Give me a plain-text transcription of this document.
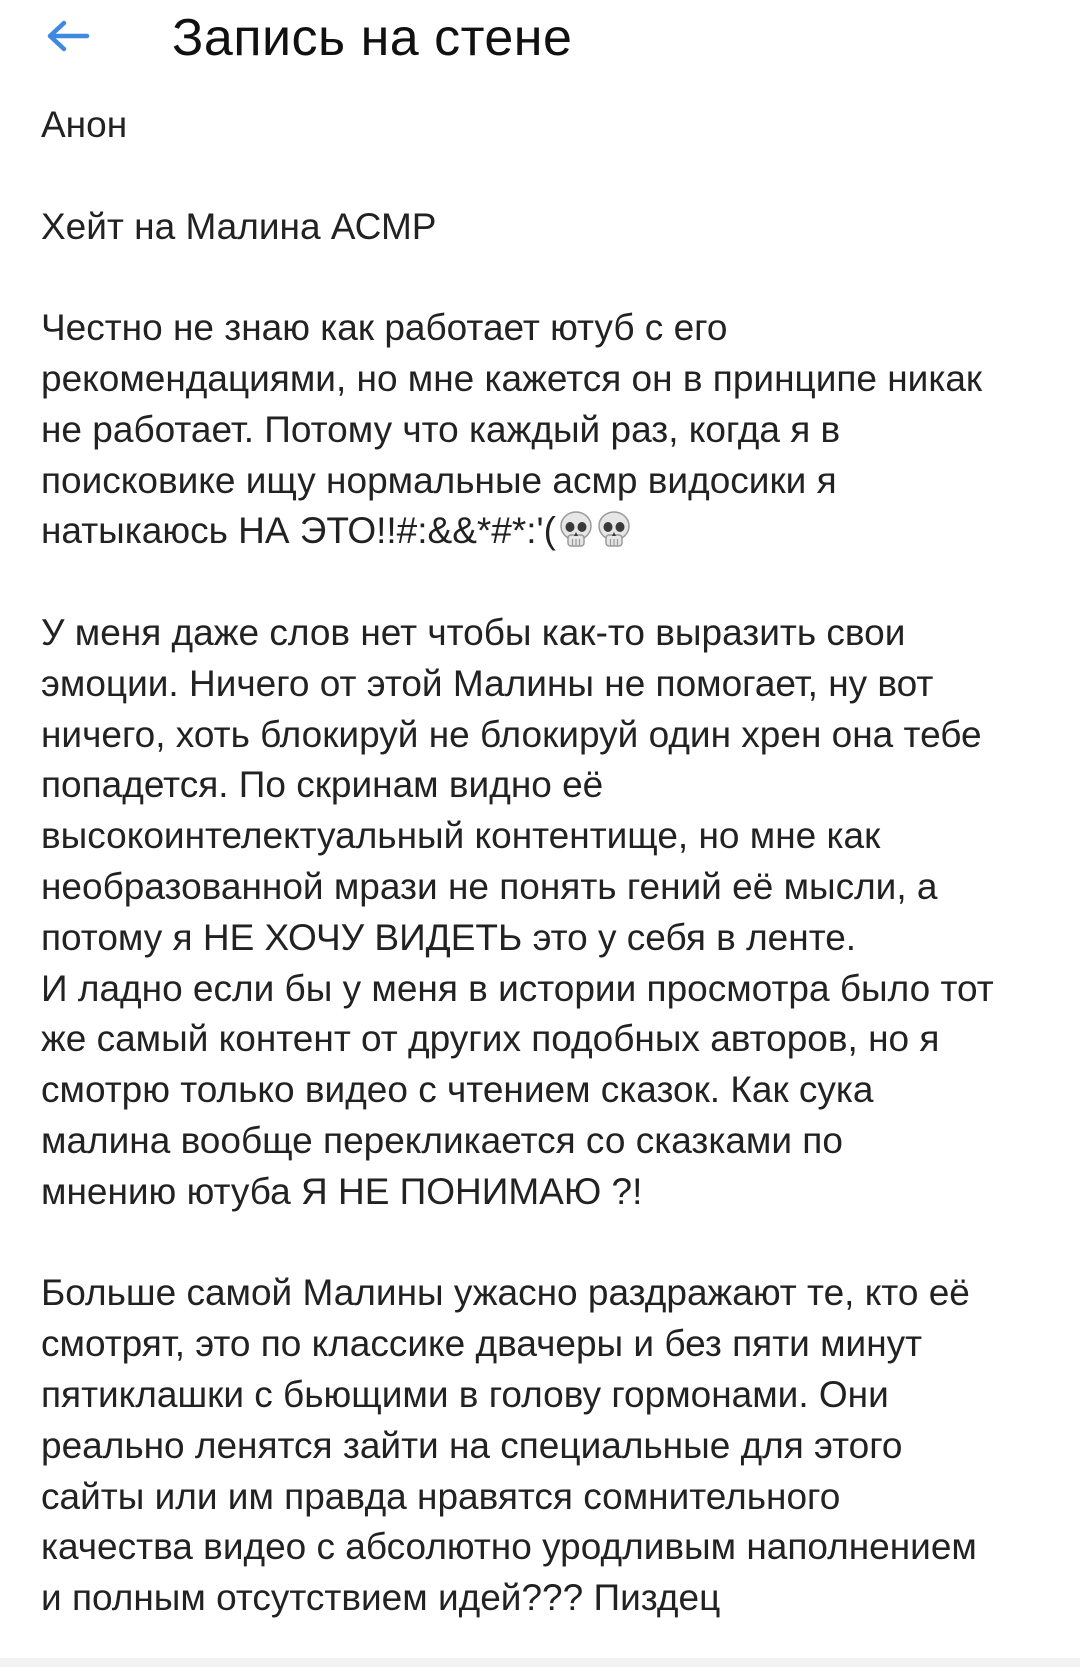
Запись на стене
Анон
Хейт на Малина АСМР
Честно не знаю как работает ютуб с его
рекомендациями, но мне кажется он в принципе никак
не работает. Потому что каждый раз, когда я в
поисковике ищу нормальные асмр видосики я
натыкаюсь НА ЭТО!!#:&&*#*:'(
У меня даже слов нет чтобы как-то выразить свои
эмоции. Ничего от этой Малины не помогает, ну вот
ничего, хоть блокируй не блокируй один хрен она тебе
попадется. По скринам видно её
высокоинтелектуальный контентище, но мне как
необразованной мрази не понять гений её мысли, а
потому я НЕ ХОЧУ ВИДЕТЬ это у себя в ленте.
И ладно если бы у меня в истории просмотра было тот
же самый контент от других подобных авторов, но я
смотрю только видео с чтением сказок. Как сука
малина вообще перекликается со сказками по
мнению ютуба Я НЕ ПОНИМАЮ ?!
Больше самой Малины ужасно раздражают те, кто её
смотрят, это по классике двачеры и без пяти минут
пятиклашки с бьющими в голову гормонами. Они
реально ленятся зайти на специальные для этого
сайты или им правда нравятся сомнительного
качества видео с абсолютно уродливым наполнением
и полным отсутствием идей??? Пиздец
